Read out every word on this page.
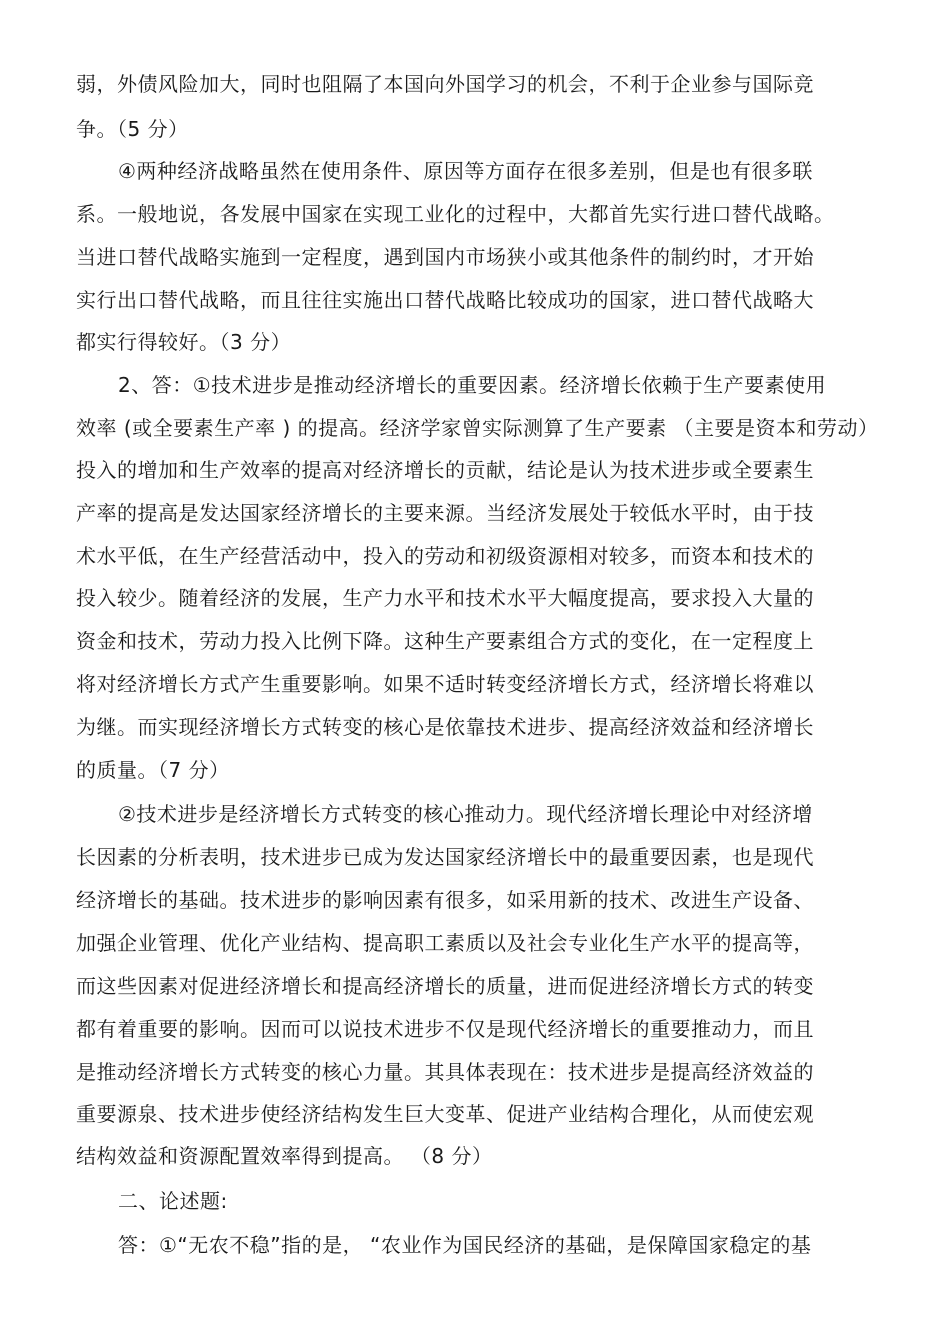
弱，外债风险加大，同时也阻隔了本国向外国学习的机会，不利于企业参与国际竞
争。（5 分）
④两种经济战略虽然在使用条件、原因等方面存在很多差别，但是也有很多联
系。一般地说，各发展中国家在实现工业化的过程中，大都首先实行进口替代战略。
当进口替代战略实施到一定程度，遇到国内市场狭小或其他条件的制约时，才开始
实行出口替代战略，而且往往实施出口替代战略比较成功的国家，进口替代战略大
都实行得较好。（3 分）
2、答：①技术进步是推动经济增长的重要因素。经济增长依赖于生产要素使用
效率 (或全要素生产率 ) 的提高。经济学家曾实际测算了生产要素 （主要是资本和劳动）
投入的增加和生产效率的提高对经济增长的贡献，结论是认为技术进步或全要素生
产率的提高是发达国家经济增长的主要来源。当经济发展处于较低水平时，由于技
术水平低，在生产经营活动中，投入的劳动和初级资源相对较多，而资本和技术的
投入较少。随着经济的发展，生产力水平和技术水平大幅度提高，要求投入大量的
资金和技术，劳动力投入比例下降。这种生产要素组合方式的变化，在一定程度上
将对经济增长方式产生重要影响。如果不适时转变经济增长方式，经济增长将难以
为继。而实现经济增长方式转变的核心是依靠技术进步、提高经济效益和经济增长
的质量。（7 分）
②技术进步是经济增长方式转变的核心推动力。现代经济增长理论中对经济增
长因素的分析表明，技术进步已成为发达国家经济增长中的最重要因素，也是现代
经济增长的基础。技术进步的影响因素有很多，如采用新的技术、改进生产设备、
加强企业管理、优化产业结构、提高职工素质以及社会专业化生产水平的提高等，
而这些因素对促进经济增长和提高经济增长的质量，进而促进经济增长方式的转变
都有着重要的影响。因而可以说技术进步不仅是现代经济增长的重要推动力，而且
是推动经济增长方式转变的核心力量。其具体表现在：技术进步是提高经济效益的
重要源泉、技术进步使经济结构发生巨大变革、促进产业结构合理化，从而使宏观
结构效益和资源配置效率得到提高。 （8 分）
二、论述题:
答：①“无农不稳”指的是， “农业作为国民经济的基础，是保障国家稳定的基
